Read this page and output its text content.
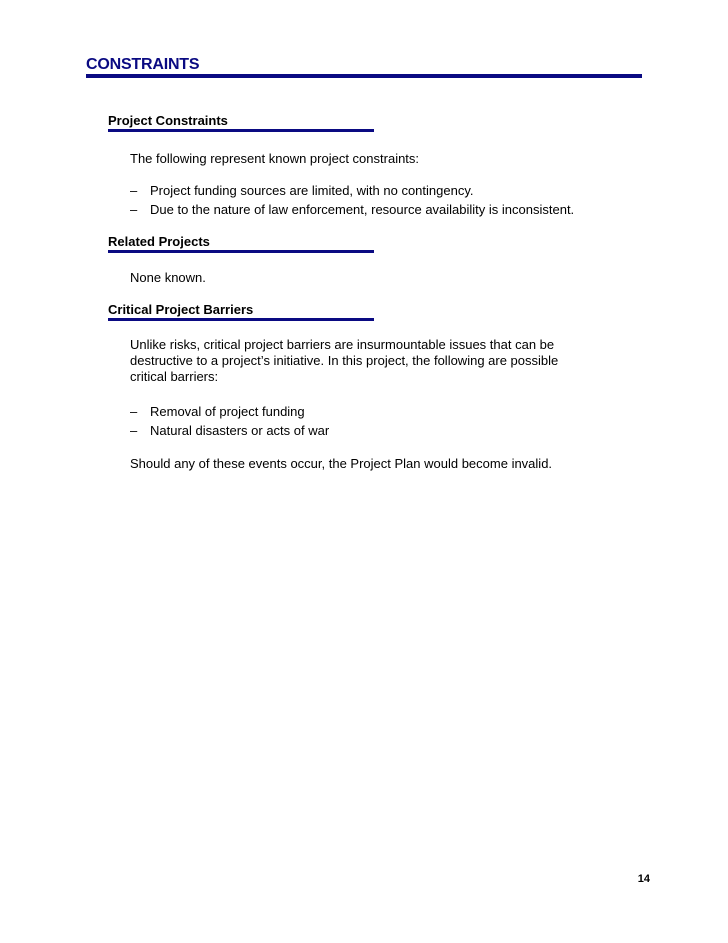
CONSTRAINTS
Project Constraints
The following represent known project constraints:
– Project funding sources are limited, with no contingency.
– Due to the nature of law enforcement, resource availability is inconsistent.
Related Projects
None known.
Critical Project Barriers
Unlike risks, critical project barriers are insurmountable issues that can be
destructive to a project’s initiative. In this project, the following are possible
critical barriers:
– Removal of project funding
– Natural disasters or acts of war
Should any of these events occur, the Project Plan would become invalid.
14
